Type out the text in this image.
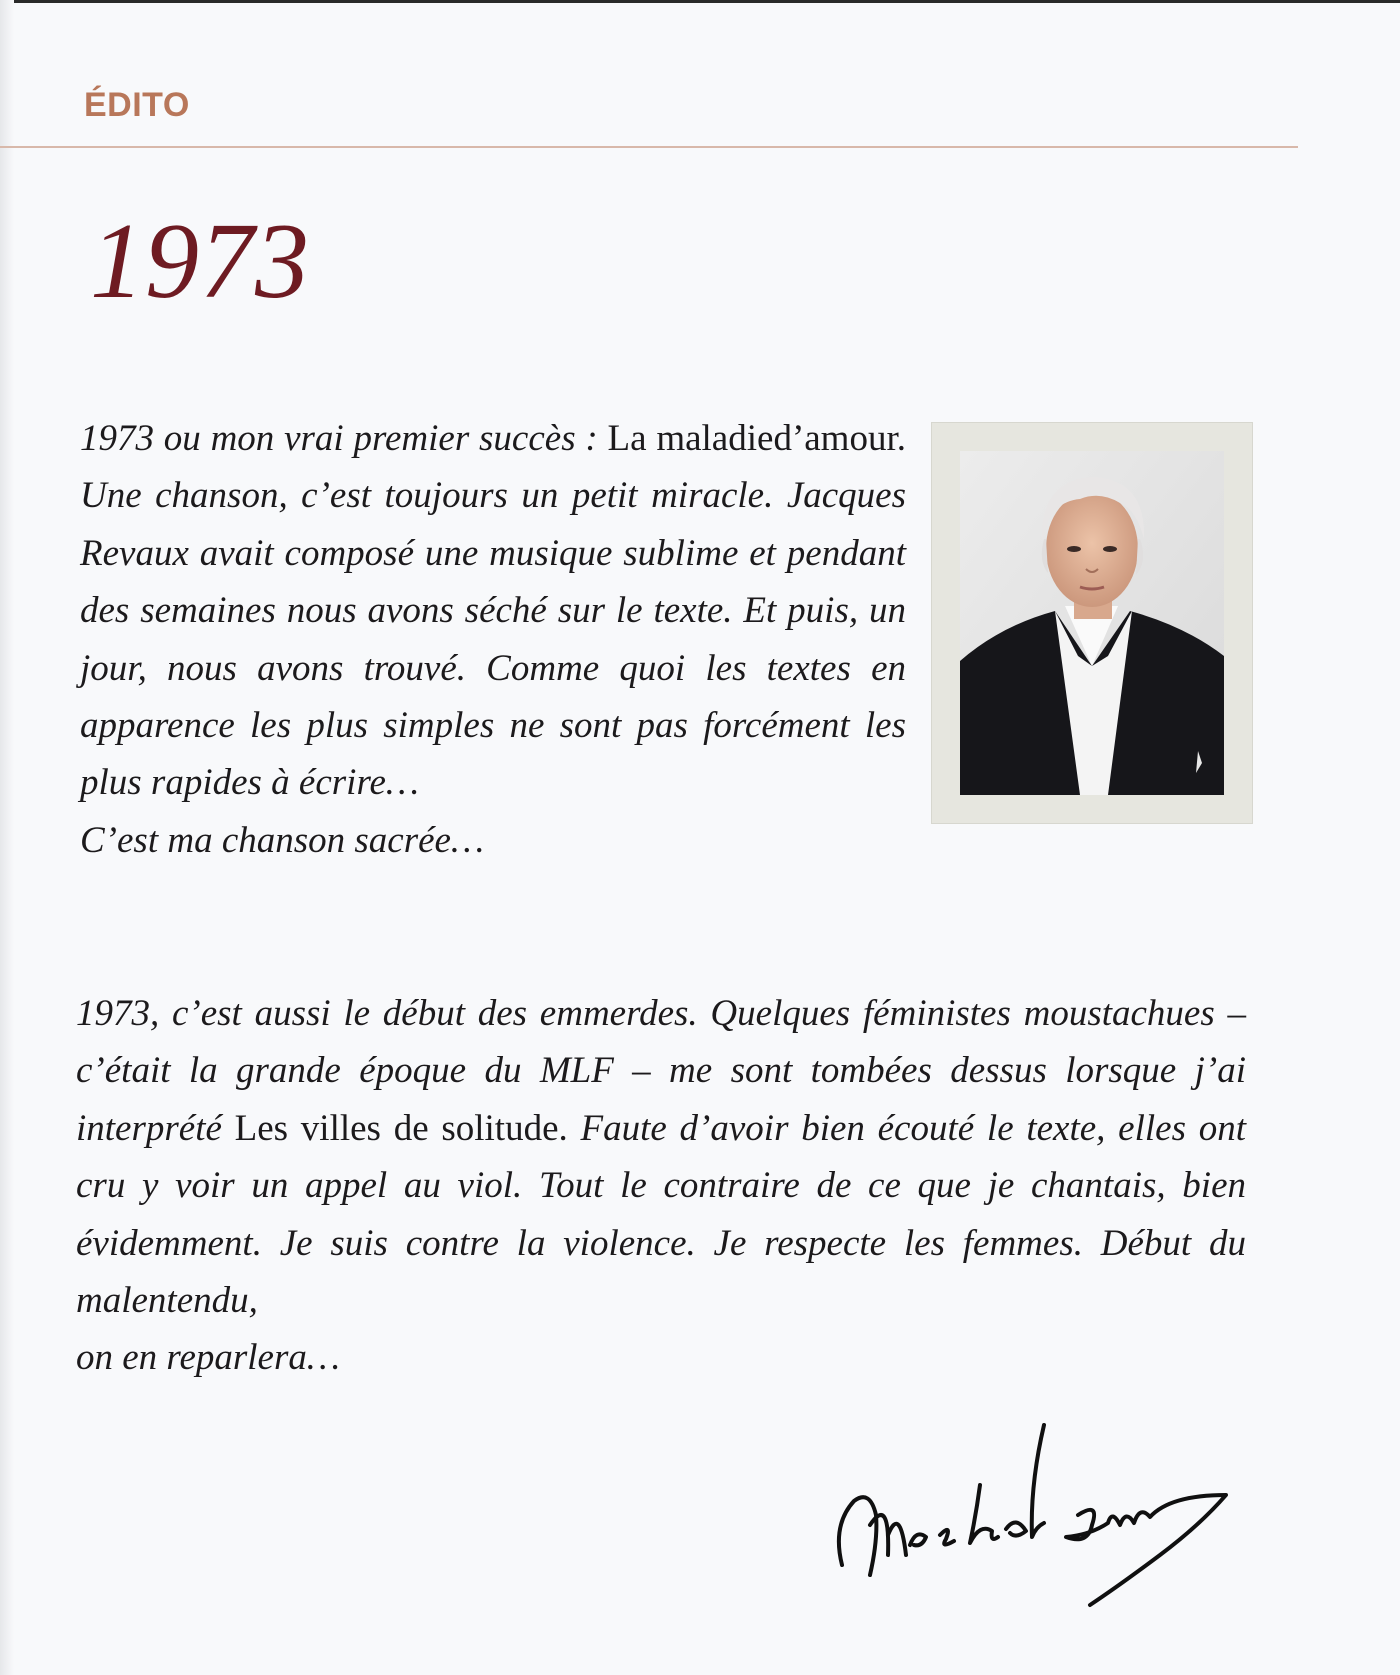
ÉDITO
1973

1973 ou mon vrai premier succès : La maladied’amour. Une chanson, c’est toujours un petit miracle. Jacques Revaux avait composé une musique sublime et pendant des semaines nous avons séché sur le texte. Et puis, un jour, nous avons trouvé. Comme quoi les textes en apparence les plus simples ne sont pas forcément les plus rapides à écrire…
C’est ma chanson sacrée…

1973, c’est aussi le début des emmerdes. Quelques féministes moustachues – c’était la grande époque du MLF – me sont tombées dessus lorsque j’ai interprété Les villes de solitude. Faute d’avoir bien écouté le texte, elles ont cru y voir un appel au viol. Tout le contraire de ce que je chantais, bien évidemment. Je suis contre la violence. Je respecte les femmes. Début du malentendu,
on en reparlera…

Michel Sardou
